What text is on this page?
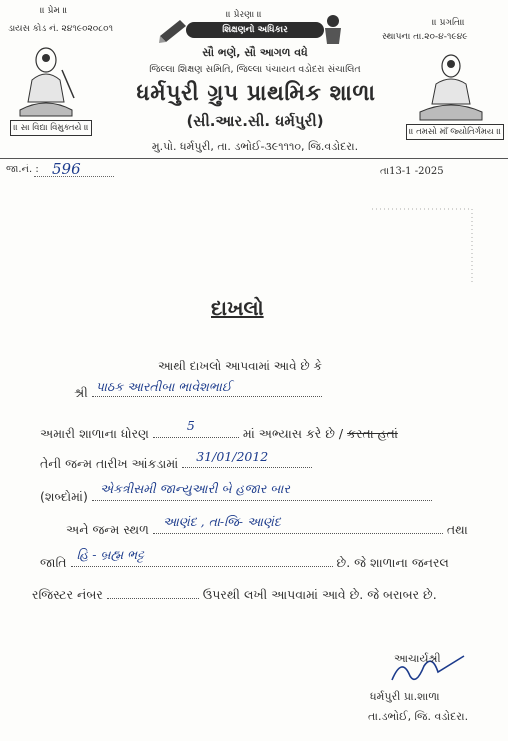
॥ પ્રેમ ॥
ડાયસ કોડ નં. ૨૪૧૯૦૨૦૮૦૧
॥ પ્રેરણા ॥
શિક્ષણનો અધિકાર
સૌ ભણે, સૌ આગળ વધે
જિલ્લા શિક્ષણ સમિતિ, જિલ્લા પંચાયત વડોદરા સંચાલિત
ધર્મપુરી ગ્રુપ પ્રાથમિક શાળા
(સી.આર.સી. ધર્મપુરી)
મુ.પો. ધર્મપુરી, તા. ડભોઈ-૩૯૧૧૧૦, જિ.વડોદરા.
॥ પ્રગતિ॥
સ્થાપના તા.૨૦-૪-૧૯૪૯
॥ સા વિદ્યા વિમુક્તયે ॥	॥ તમસો માઁ જ્યોતિર્ગમય ॥
જા.નં. : 596	તા13-1 -2025
દાખલો
આથી દાખલો આપવામાં આવે છે કે
શ્રી પાઠક આરતીબા ભાવેશભાઈ
અમારી શાળાના ધોરણ
5
માં અભ્યાસ કરે છે / કરતા હતાં
તેની જન્મ તારીખ આંકડામાં 31/01/2012
(શબ્દોમાં)
એકત્રીસમી જાન્યુઆરી બે હજાર બાર
અને જન્મ સ્થળ
આણંદ , તા-જિ- આણંદ
તથા
જાતિ
હિ - બ્રહ્મ ભટ્ટ
છે. જે શાળાના જનરલ
રજિસ્ટર નંબર	ઉપરથી લખી આપવામાં આવે છે. જે બરાબર છે.
આચાર્યશ્રી
ધર્મપુરી પ્રા.શાળા
તા.ડભોઈ, જિ. વડોદરા.
